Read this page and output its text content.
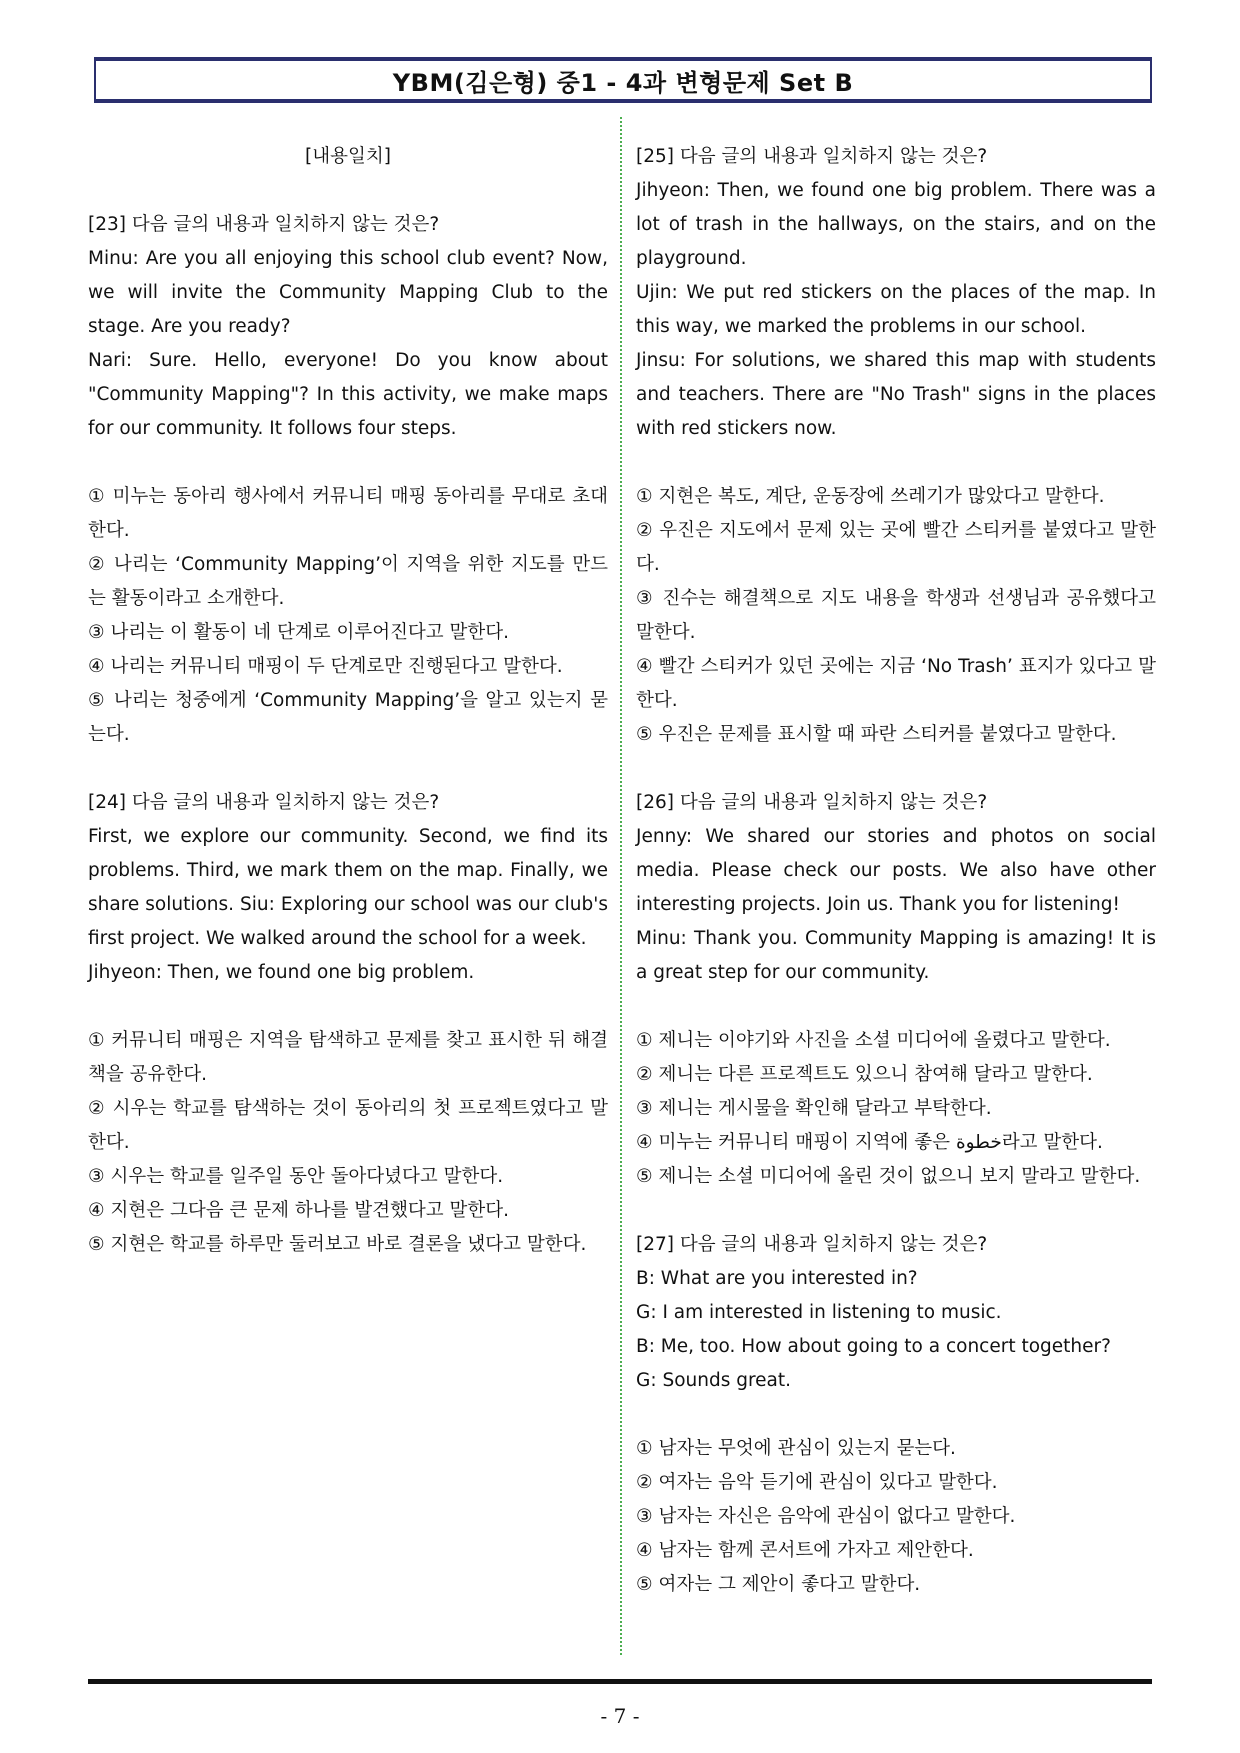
YBM(김은형) 중1 - 4과 변형문제 Set B

[내용일치]

[23] 다음 글의 내용과 일치하지 않는 것은?

Minu: Are you all enjoying this school club event? Now, we will invite the Community Mapping Club to the stage. Are you ready?

Nari: Sure. Hello, everyone! Do you know about "Community Mapping"? In this activity, we make maps for our community. It follows four steps.

① 미누는 동아리 행사에서 커뮤니티 매핑 동아리를 무대로 초대한다.

② 나리는 ‘Community Mapping’이 지역을 위한 지도를 만드는 활동이라고 소개한다.

③ 나리는 이 활동이 네 단계로 이루어진다고 말한다.

④ 나리는 커뮤니티 매핑이 두 단계로만 진행된다고 말한다.

⑤ 나리는 청중에게 ‘Community Mapping’을 알고 있는지 묻는다.

[24] 다음 글의 내용과 일치하지 않는 것은?

First, we explore our community. Second, we find its problems. Third, we mark them on the map. Finally, we share solutions. Siu: Exploring our school was our club's first project. We walked around the school for a week.

Jihyeon: Then, we found one big problem.

① 커뮤니티 매핑은 지역을 탐색하고 문제를 찾고 표시한 뒤 해결책을 공유한다.

② 시우는 학교를 탐색하는 것이 동아리의 첫 프로젝트였다고 말한다.

③ 시우는 학교를 일주일 동안 돌아다녔다고 말한다.

④ 지현은 그다음 큰 문제 하나를 발견했다고 말한다.

⑤ 지현은 학교를 하루만 둘러보고 바로 결론을 냈다고 말한다.

[25] 다음 글의 내용과 일치하지 않는 것은?

Jihyeon: Then, we found one big problem. There was a lot of trash in the hallways, on the stairs, and on the playground.

Ujin: We put red stickers on the places of the map. In this way, we marked the problems in our school.

Jinsu: For solutions, we shared this map with students and teachers. There are "No Trash" signs in the places with red stickers now.

① 지현은 복도, 계단, 운동장에 쓰레기가 많았다고 말한다.

② 우진은 지도에서 문제 있는 곳에 빨간 스티커를 붙였다고 말한다.

③ 진수는 해결책으로 지도 내용을 학생과 선생님과 공유했다고 말한다.

④ 빨간 스티커가 있던 곳에는 지금 ‘No Trash’ 표지가 있다고 말한다.

⑤ 우진은 문제를 표시할 때 파란 스티커를 붙였다고 말한다.

[26] 다음 글의 내용과 일치하지 않는 것은?

Jenny: We shared our stories and photos on social media. Please check our posts. We also have other interesting projects. Join us. Thank you for listening!

Minu: Thank you. Community Mapping is amazing! It is a great step for our community.

① 제니는 이야기와 사진을 소셜 미디어에 올렸다고 말한다.

② 제니는 다른 프로젝트도 있으니 참여해 달라고 말한다.

③ 제니는 게시물을 확인해 달라고 부탁한다.

④ 미누는 커뮤니티 매핑이 지역에 좋은 خطوة라고 말한다.

⑤ 제니는 소셜 미디어에 올린 것이 없으니 보지 말라고 말한다.

[27] 다음 글의 내용과 일치하지 않는 것은?

B: What are you interested in?

G: I am interested in listening to music.

B: Me, too. How about going to a concert together?

G: Sounds great.

① 남자는 무엇에 관심이 있는지 묻는다.

② 여자는 음악 듣기에 관심이 있다고 말한다.

③ 남자는 자신은 음악에 관심이 없다고 말한다.

④ 남자는 함께 콘서트에 가자고 제안한다.

⑤ 여자는 그 제안이 좋다고 말한다.

- 7 -
